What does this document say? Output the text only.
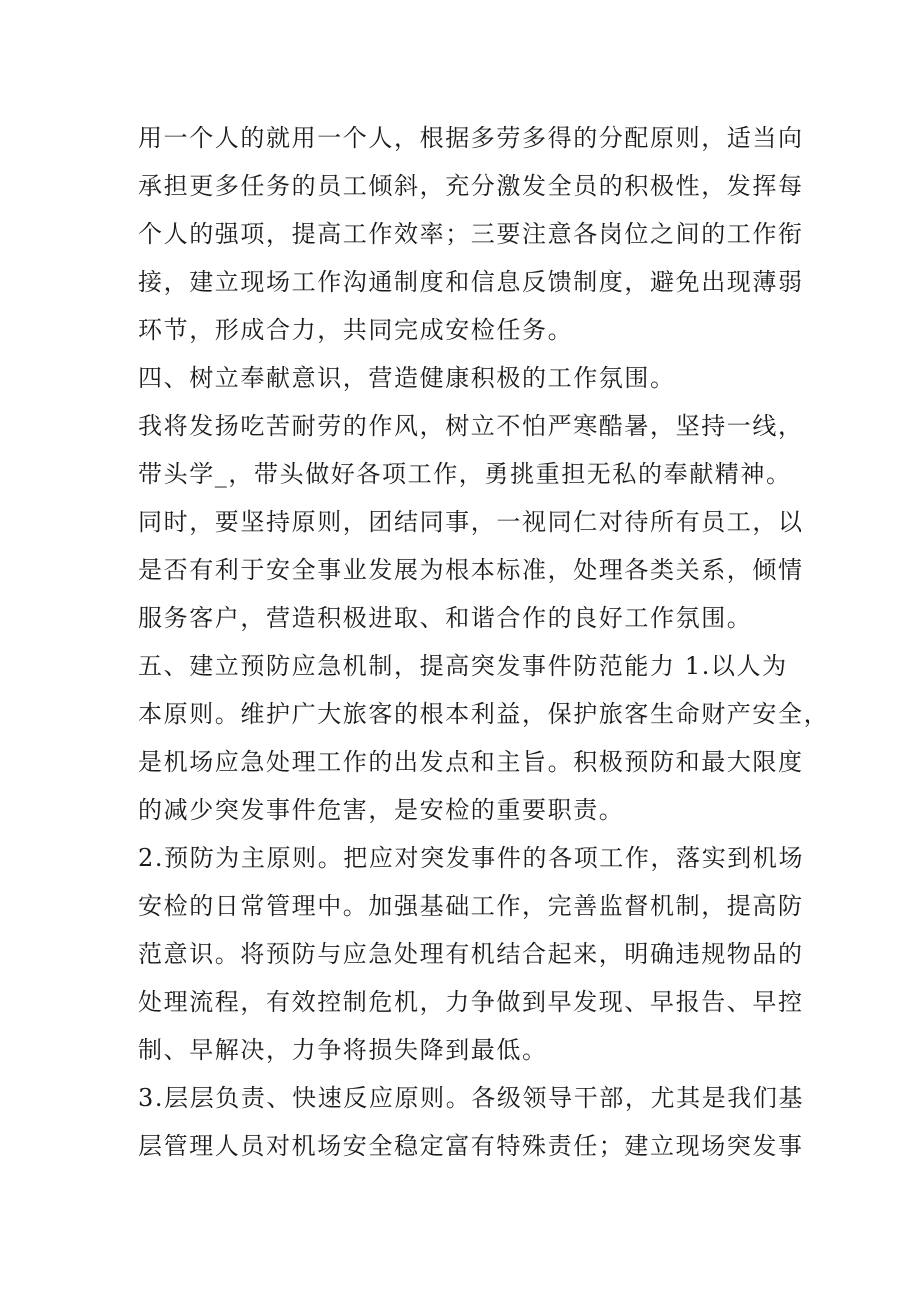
用一个人的就用一个人，根据多劳多得的分配原则，适当向
承担更多任务的员工倾斜，充分激发全员的积极性，发挥每
个人的强项，提高工作效率；三要注意各岗位之间的工作衔
接，建立现场工作沟通制度和信息反馈制度，避免出现薄弱
环节，形成合力，共同完成安检任务。
四、树立奉献意识，营造健康积极的工作氛围。
我将发扬吃苦耐劳的作风，树立不怕严寒酷暑，坚持一线，
带头学_，带头做好各项工作，勇挑重担无私的奉献精神。
同时，要坚持原则，团结同事，一视同仁对待所有员工，以
是否有利于安全事业发展为根本标准，处理各类关系，倾情
服务客户，营造积极进取、和谐合作的良好工作氛围。
五、建立预防应急机制，提高突发事件防范能力 1.以人为
本原则。维护广大旅客的根本利益，保护旅客生命财产安全，
是机场应急处理工作的出发点和主旨。积极预防和最大限度
的减少突发事件危害，是安检的重要职责。
2.预防为主原则。把应对突发事件的各项工作，落实到机场
安检的日常管理中。加强基础工作，完善监督机制，提高防
范意识。将预防与应急处理有机结合起来，明确违规物品的
处理流程，有效控制危机，力争做到早发现、早报告、早控
制、早解决，力争将损失降到最低。
3.层层负责、快速反应原则。各级领导干部，尤其是我们基
层管理人员对机场安全稳定富有特殊责任；建立现场突发事
